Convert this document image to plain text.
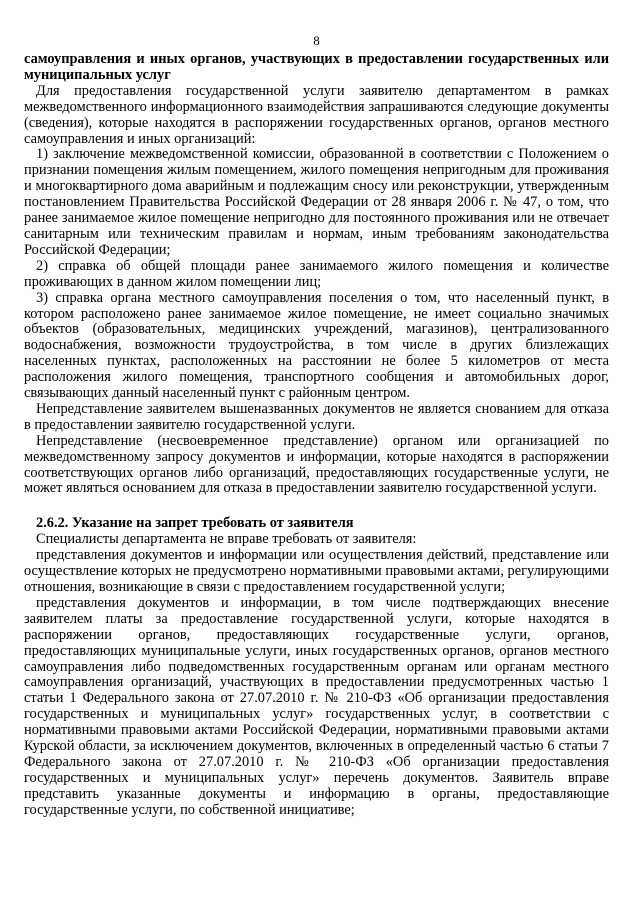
8

самоуправления и иных органов, участвующих в предоставлении государственных или муниципальных услуг

Для предоставления государственной услуги заявителю департаментом в рамках межведомственного информационного взаимодействия запрашиваются следующие документы (сведения), которые находятся в распоряжении государственных органов, органов местного самоуправления и иных организаций:

1) заключение межведомственной комиссии, образованной в соответствии с Положением о признании помещения жилым помещением, жилого помещения непригодным для проживания и многоквартирного дома аварийным и подлежащим сносу или реконструкции, утвержденным постановлением Правительства Российской Федерации от 28 января 2006 г. № 47, о том, что ранее занимаемое жилое помещение непригодно для постоянного проживания или не отвечает санитарным или техническим правилам и нормам, иным требованиям законодательства Российской Федерации;

2) справка об общей площади ранее занимаемого жилого помещения и количестве проживающих в данном жилом помещении лиц;

3) справка органа местного самоуправления поселения о том, что населенный пункт, в котором расположено ранее занимаемое жилое помещение, не имеет социально значимых объектов (образовательных, медицинских учреждений, магазинов), централизованного водоснабжения, возможности трудоустройства, в том числе в других близлежащих населенных пунктах, расположенных на расстоянии не более 5 километров от места расположения жилого помещения, транспортного сообщения и автомобильных дорог, связывающих данный населенный пункт с районным центром.

Непредставление заявителем вышеназванных документов не является снованием для отказа в предоставлении заявителю государственной услуги.

Непредставление (несвоевременное представление) органом или организацией по межведомственному запросу документов и информации, которые находятся в распоряжении соответствующих органов либо организаций, предоставляющих государственные услуги, не может являться основанием для отказа в предоставлении заявителю государственной услуги.

2.6.2. Указание на запрет требовать от заявителя

Специалисты департамента не вправе требовать от заявителя:

представления документов и информации или осуществления действий, представление или осуществление которых не предусмотрено нормативными правовыми актами, регулирующими отношения, возникающие в связи с предоставлением государственной услуги;

представления документов и информации, в том числе подтверждающих внесение заявителем платы за предоставление государственной услуги, которые находятся в распоряжении органов, предоставляющих государственные услуги, органов, предоставляющих муниципальные услуги, иных государственных органов, органов местного самоуправления либо подведомственных государственным органам или органам местного самоуправления организаций, участвующих в предоставлении предусмотренных частью 1 статьи 1 Федерального закона от 27.07.2010 г. № 210-ФЗ «Об организации предоставления государственных и муниципальных услуг» государственных услуг, в соответствии с нормативными правовыми актами Российской Федерации, нормативными правовыми актами Курской области, за исключением документов, включенных в определенный частью 6 статьи 7 Федерального закона от 27.07.2010 г. № 210-ФЗ «Об организации предоставления государственных и муниципальных услуг» перечень документов. Заявитель вправе представить указанные документы и информацию в органы, предоставляющие государственные услуги, по собственной инициативе;
